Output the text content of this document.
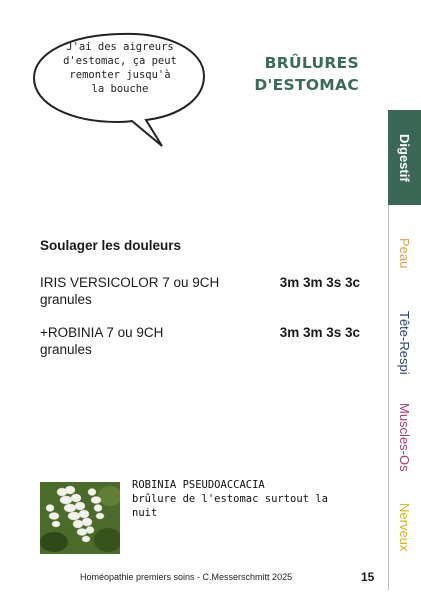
J'ai des aigreurs
d'estomac, ça peut
remonter jusqu'à
la bouche
BRÛLURES
D'ESTOMAC
Digestif
Peau
Tête-Respi
Muscles-Os
Nerveux
Soulager les douleurs
IRIS VERSICOLOR 7 ou 9CH
granules
3m 3m 3s 3c
+ROBINIA 7 ou 9CH
granules
3m 3m 3s 3c
ROBINIA PSEUDOACCACIA
brûlure de l'estomac surtout la
nuit
Homéopathie premiers soins - C.Messerschmitt 2025	15
